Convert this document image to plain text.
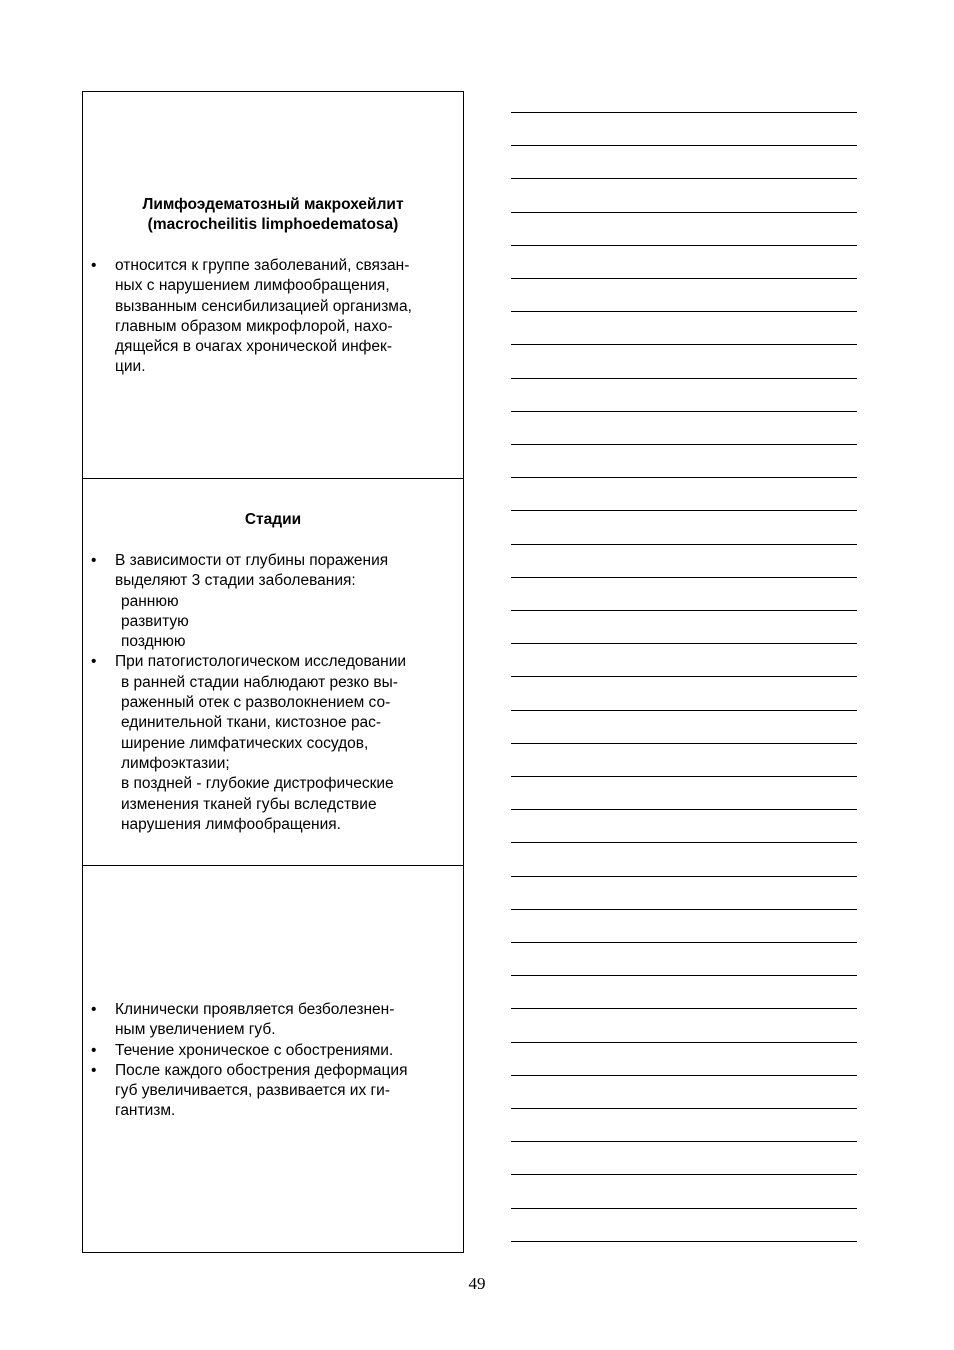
Лимфоэдематозный макрохейлит
(macrocheilitis limphoedematosa)
• относится к группе заболеваний, связан-
ных с нарушением лимфообращения,
вызванным сенсибилизацией организма,
главным образом микрофлорой, нахо-
дящейся в очагах хронической инфек-
ции.
Стадии
• В зависимости от глубины поражения
выделяют 3 стадии заболевания:
раннюю
развитую
позднюю
• При патогистологическом исследовании
в ранней стадии наблюдают резко вы-
раженный отек с разволокнением со-
единительной ткани, кистозное рас-
ширение лимфатических сосудов,
лимфоэктазии;
в поздней - глубокие дистрофические
изменения тканей губы вследствие
нарушения лимфообращения.
• Клинически проявляется безболезнен-
ным увеличением губ.
• Течение хроническое с обострениями.
• После каждого обострения деформация
губ увеличивается, развивается их ги-
гантизм.
49
